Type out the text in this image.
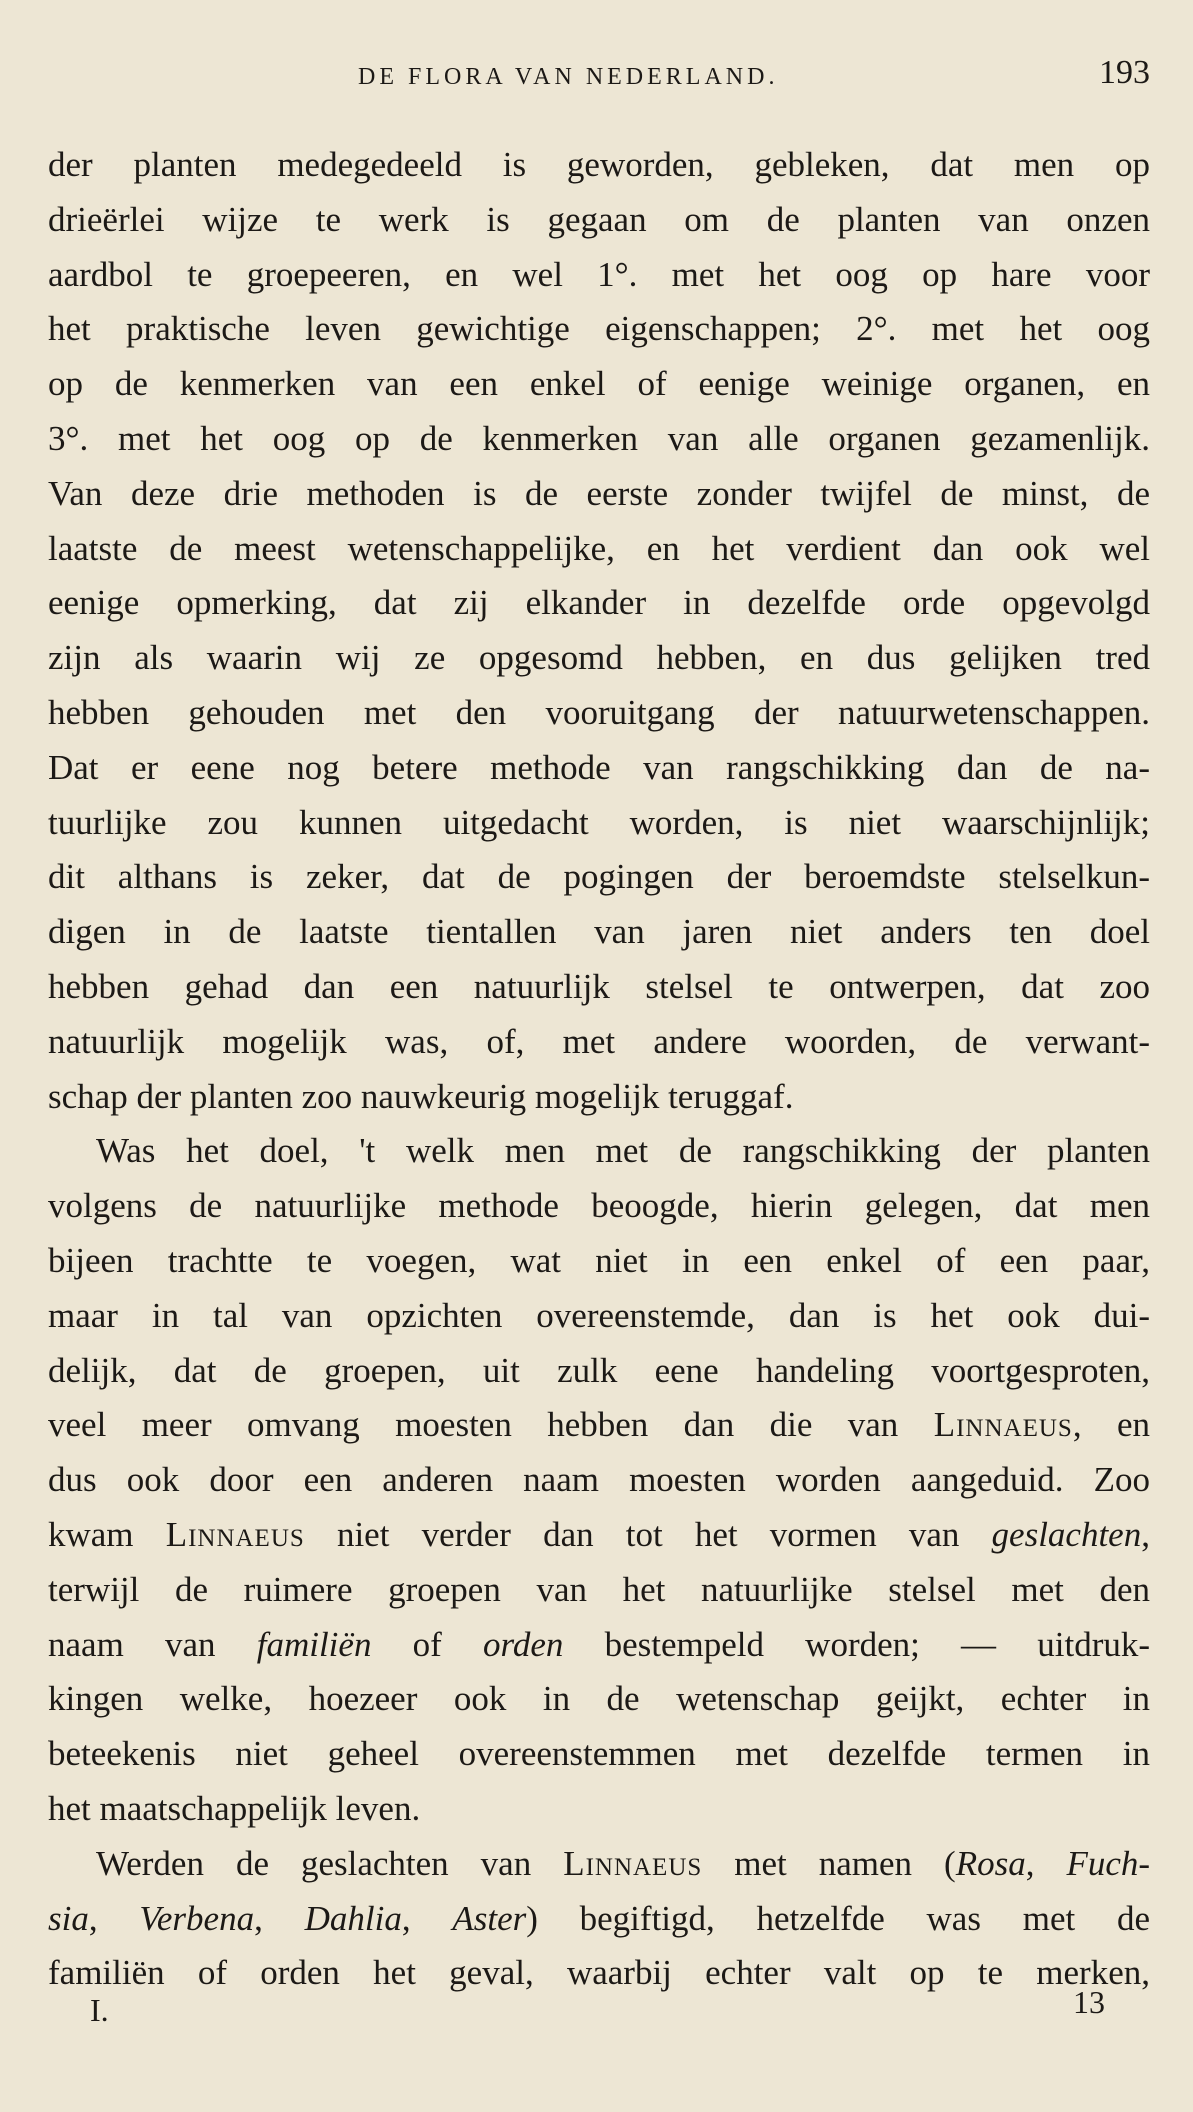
DE FLORA VAN NEDERLAND.	193
der planten medegedeeld is geworden, gebleken, dat men op
drieërlei wijze te werk is gegaan om de planten van onzen
aardbol te groepeeren, en wel 1°. met het oog op hare voor
het praktische leven gewichtige eigenschappen; 2°. met het oog
op de kenmerken van een enkel of eenige weinige organen, en
3°. met het oog op de kenmerken van alle organen gezamenlijk.
Van deze drie methoden is de eerste zonder twijfel de minst, de
laatste de meest wetenschappelijke, en het verdient dan ook wel
eenige opmerking, dat zij elkander in dezelfde orde opgevolgd
zijn als waarin wij ze opgesomd hebben, en dus gelijken tred
hebben gehouden met den vooruitgang der natuurwetenschappen.
Dat er eene nog betere methode van rangschikking dan de na-
tuurlijke zou kunnen uitgedacht worden, is niet waarschijnlijk;
dit althans is zeker, dat de pogingen der beroemdste stelselkun-
digen in de laatste tientallen van jaren niet anders ten doel
hebben gehad dan een natuurlijk stelsel te ontwerpen, dat zoo
natuurlijk mogelijk was, of, met andere woorden, de verwant-
schap der planten zoo nauwkeurig mogelijk teruggaf.
Was het doel, 't welk men met de rangschikking der planten
volgens de natuurlijke methode beoogde, hierin gelegen, dat men
bijeen trachtte te voegen, wat niet in een enkel of een paar,
maar in tal van opzichten overeenstemde, dan is het ook dui-
delijk, dat de groepen, uit zulk eene handeling voortgesproten,
veel meer omvang moesten hebben dan die van Linnaeus, en
dus ook door een anderen naam moesten worden aangeduid. Zoo
kwam Linnaeus niet verder dan tot het vormen van geslachten,
terwijl de ruimere groepen van het natuurlijke stelsel met den
naam van familiën of orden bestempeld worden; — uitdruk-
kingen welke, hoezeer ook in de wetenschap geijkt, echter in
beteekenis niet geheel overeenstemmen met dezelfde termen in
het maatschappelijk leven.
Werden de geslachten van Linnaeus met namen (Rosa, Fuch-
sia, Verbena, Dahlia, Aster) begiftigd, hetzelfde was met de
familiën of orden het geval, waarbij echter valt op te merken,
I.	13
